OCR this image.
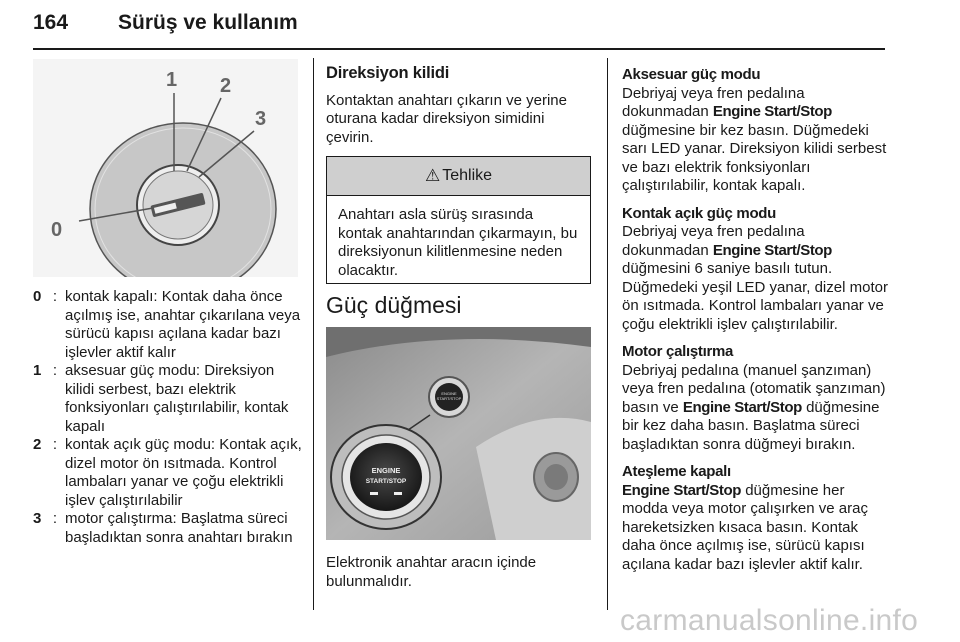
164 Sürüş ve kullanım
0
1 2
3
0 : kontak kapalı: Kontak daha önce açılmış ise, anahtar çıkarılana veya sürücü kapısı açılana kadar bazı işlevler aktif kalır
1 : aksesuar güç modu: Direksiyon kilidi serbest, bazı elektrik fonksiyonları çalıştırılabilir, kontak kapalı
2 : kontak açık güç modu: Kontak açık, dizel motor ön ısıtmada. Kontrol lambaları yanar ve çoğu elektrikli işlev çalıştırılabilir
3 : motor çalıştırma: Başlatma süreci başladıktan sonra anahtarı bırakın
Direksiyon kilidi

Kontaktan anahtarı çıkarın ve yerine oturana kadar direksiyon simidini çevirin.

⚠ Tehlike
Anahtarı asla sürüş sırasında kontak anahtarından çıkarmayın, bu direksiyonun kilitlenmesine neden olacaktır.
Güç düğmesi
ENGINE
START/STOP
ENGINE
START/STOP
Elektronik anahtar aracın içinde bulunmalıdır.
Aksesuar güç modu
Debriyaj veya fren pedalına dokunmadan Engine Start/Stop düğmesine bir kez basın. Düğmedeki sarı LED yanar. Direksiyon kilidi serbest ve bazı elektrik fonksiyonları çalıştırılabilir, kontak kapalı.
Kontak açık güç modu
Debriyaj veya fren pedalına dokunmadan Engine Start/Stop düğmesini 6 saniye basılı tutun. Düğmedeki yeşil LED yanar, dizel motor ön ısıtmada. Kontrol lambaları yanar ve çoğu elektrikli işlev çalıştırılabilir.
Motor çalıştırma
Debriyaj pedalına (manuel şanzıman) veya fren pedalına (otomatik şanzıman) basın ve Engine Start/Stop düğmesine bir kez daha basın. Başlatma süreci başladıktan sonra düğmeyi bırakın.
Ateşleme kapalı
Engine Start/Stop düğmesine her modda veya motor çalışırken ve araç hareketsizken kısaca basın. Kontak daha önce açılmış ise, sürücü kapısı açılana kadar bazı işlevler aktif kalır.
carmanualsonline.info
